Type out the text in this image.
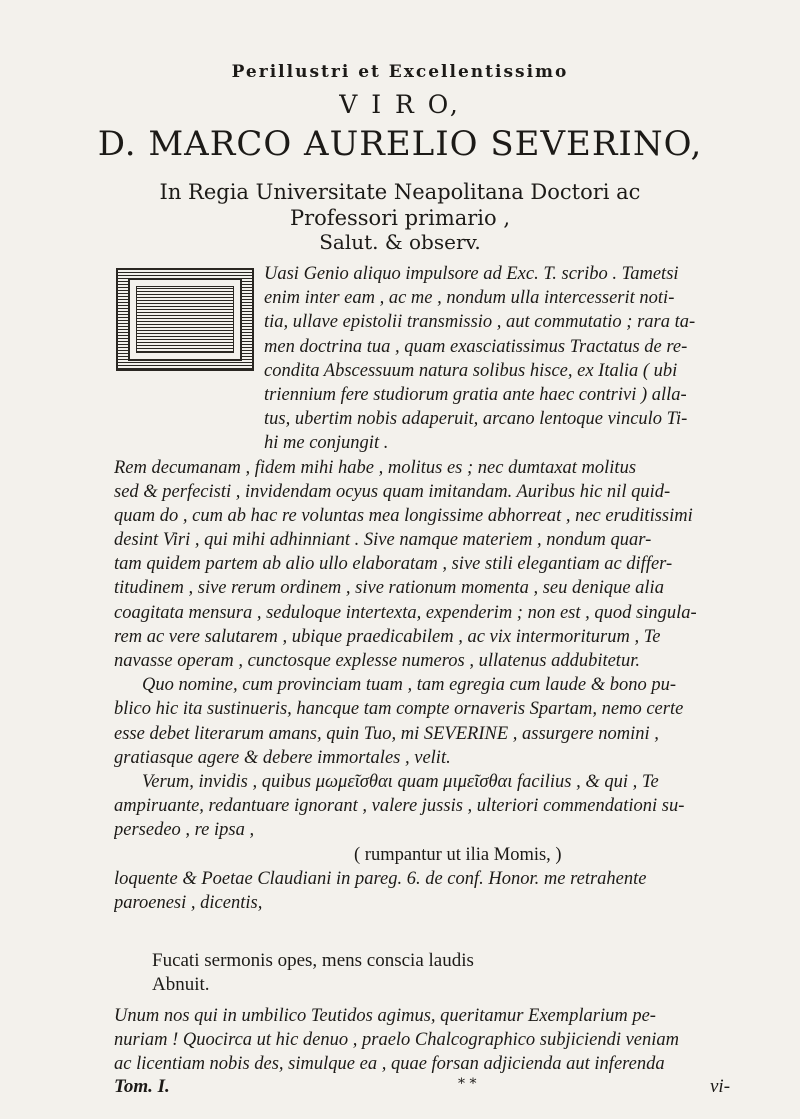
Perillustri et Excellentissimo
V I R O,
D. MARCO AURELIO SEVERINO,
In Regia Universitate Neapolitana Doctori ac
Professori primario ,
Salut. & observ.
Uasi Genio aliquo impulsore ad Exc. T. scribo . Tametsi
enim inter eam , ac me , nondum ulla intercesserit noti-
tia, ullave epistolii transmissio , aut commutatio ; rara ta-
men doctrina tua , quam exasciatissimus Tractatus de re-
condita Abscessuum natura solibus hisce, ex Italia ( ubi
triennium fere studiorum gratia ante haec contrivi ) alla-
tus, ubertim nobis adaperuit, arcano lentoque vinculo Ti-
hi me conjungit .
Rem decumanam , fidem mihi habe , molitus es ; nec dumtaxat molitus
sed & perfecisti , invidendam ocyus quam imitandam. Auribus hic nil quid-
quam do , cum ab hac re voluntas mea longissime abhorreat , nec eruditissimi
desint Viri , qui mihi adhinniant . Sive namque materiem , nondum quar-
tam quidem partem ab alio ullo elaboratam , sive stili elegantiam ac differ-
titudinem , sive rerum ordinem , sive rationum momenta , seu denique alia
coagitata mensura , seduloque intertexta, expenderim ; non est , quod singula-
rem ac vere salutarem , ubique praedicabilem , ac vix intermoriturum , Te
navasse operam , cunctosque explesse numeros , ullatenus addubitetur.
Quo nomine, cum provinciam tuam , tam egregia cum laude & bono pu-
blico hic ita sustinueris, hancque tam compte ornaveris Spartam, nemo certe
esse debet literarum amans, quin Tuo, mi SEVERINE , assurgere nomini ,
gratiasque agere & debere immortales , velit.
Verum, invidis , quibus μωμεῖσθαι quam μιμεῖσθαι facilius , & qui , Te
ampiruante, redantuare ignorant , valere jussis , ulteriori commendationi su-
persedeo , re ipsa ,
( rumpantur ut ilia Momis, )
loquente & Poetae Claudiani in pareg. 6. de conf. Honor. me retrahente
paroenesi , dicentis,
Fucati sermonis opes, mens conscia laudis
Abnuit.
Unum nos qui in umbilico Teutidos agimus, queritamur Exemplarium pe-
nuriam ! Quocirca ut hic denuo , praelo Chalcographico subjiciendi veniam
ac licentiam nobis des, simulque ea , quae forsan adjicienda aut inferenda
Tom. I.	* *	vi-
